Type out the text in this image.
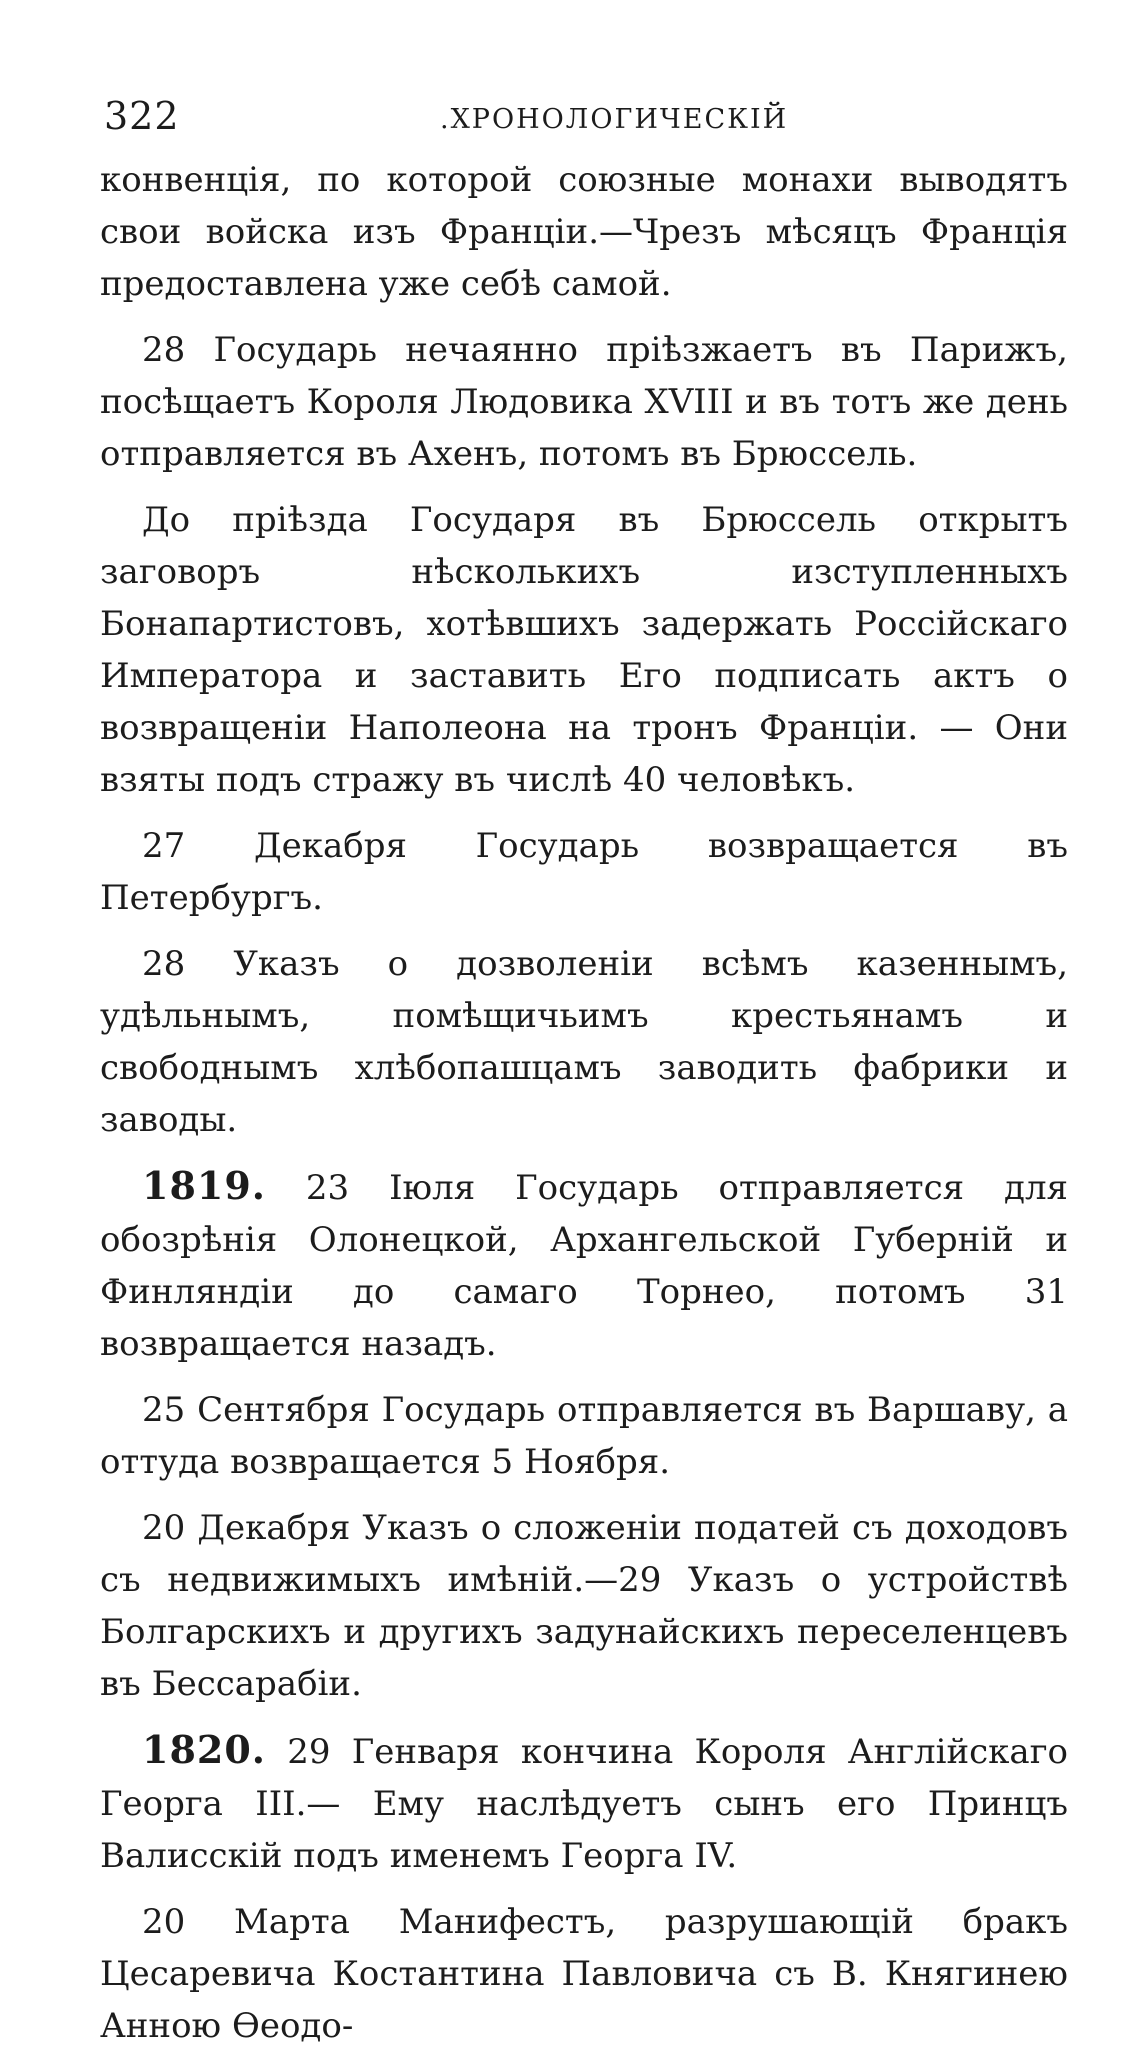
322	.ХРОНОЛОГИЧЕСКІЙ

конвенція, по которой союзные монахи выводятъ свои войска изъ Франціи.—Чрезъ мѣсяцъ Франція предоставлена уже себѣ самой.

28 Государь нечаянно пріѣзжаетъ въ Парижъ, посѣщаетъ Короля Людовика XVIII и въ тотъ же день отправляется въ Ахенъ, потомъ въ Брюссель.

До пріѣзда Государя въ Брюссель открытъ заговоръ нѣсколькихъ изступленныхъ Бонапартистовъ, хотѣвшихъ задержать Россійскаго Императора и заставить Его подписать актъ о возвращеніи Наполеона на тронъ Франціи. — Они взяты подъ стражу въ числѣ 40 человѣкъ.

27 Декабря Государь возвращается въ Петербургъ.

28 Указъ о дозволеніи всѣмъ казеннымъ, удѣльнымъ, помѣщичьимъ крестьянамъ и свободнымъ хлѣбопашцамъ заводить фабрики и заводы.

1819. 23 Іюля Государь отправляется для обозрѣнія Олонецкой, Архангельской Губерній и Финляндіи до самаго Торнео, потомъ 31 возвращается назадъ.

25 Сентября Государь отправляется въ Варшаву, а оттуда возвращается 5 Ноября.

20 Декабря Указъ о сложеніи податей съ доходовъ съ недвижимыхъ имѣній.—29 Указъ о устройствѣ Болгарскихъ и другихъ задунайскихъ переселенцевъ въ Бессарабіи.

1820. 29 Генваря кончина Короля Англійскаго Георга III.— Ему наслѣдуетъ сынъ его Принцъ Валисскій подъ именемъ Георга IV.

20 Марта Манифестъ, разрушающій бракъ Цесаревича Костантина Павловича съ В. Княгинею Анною Ѳеодо-
